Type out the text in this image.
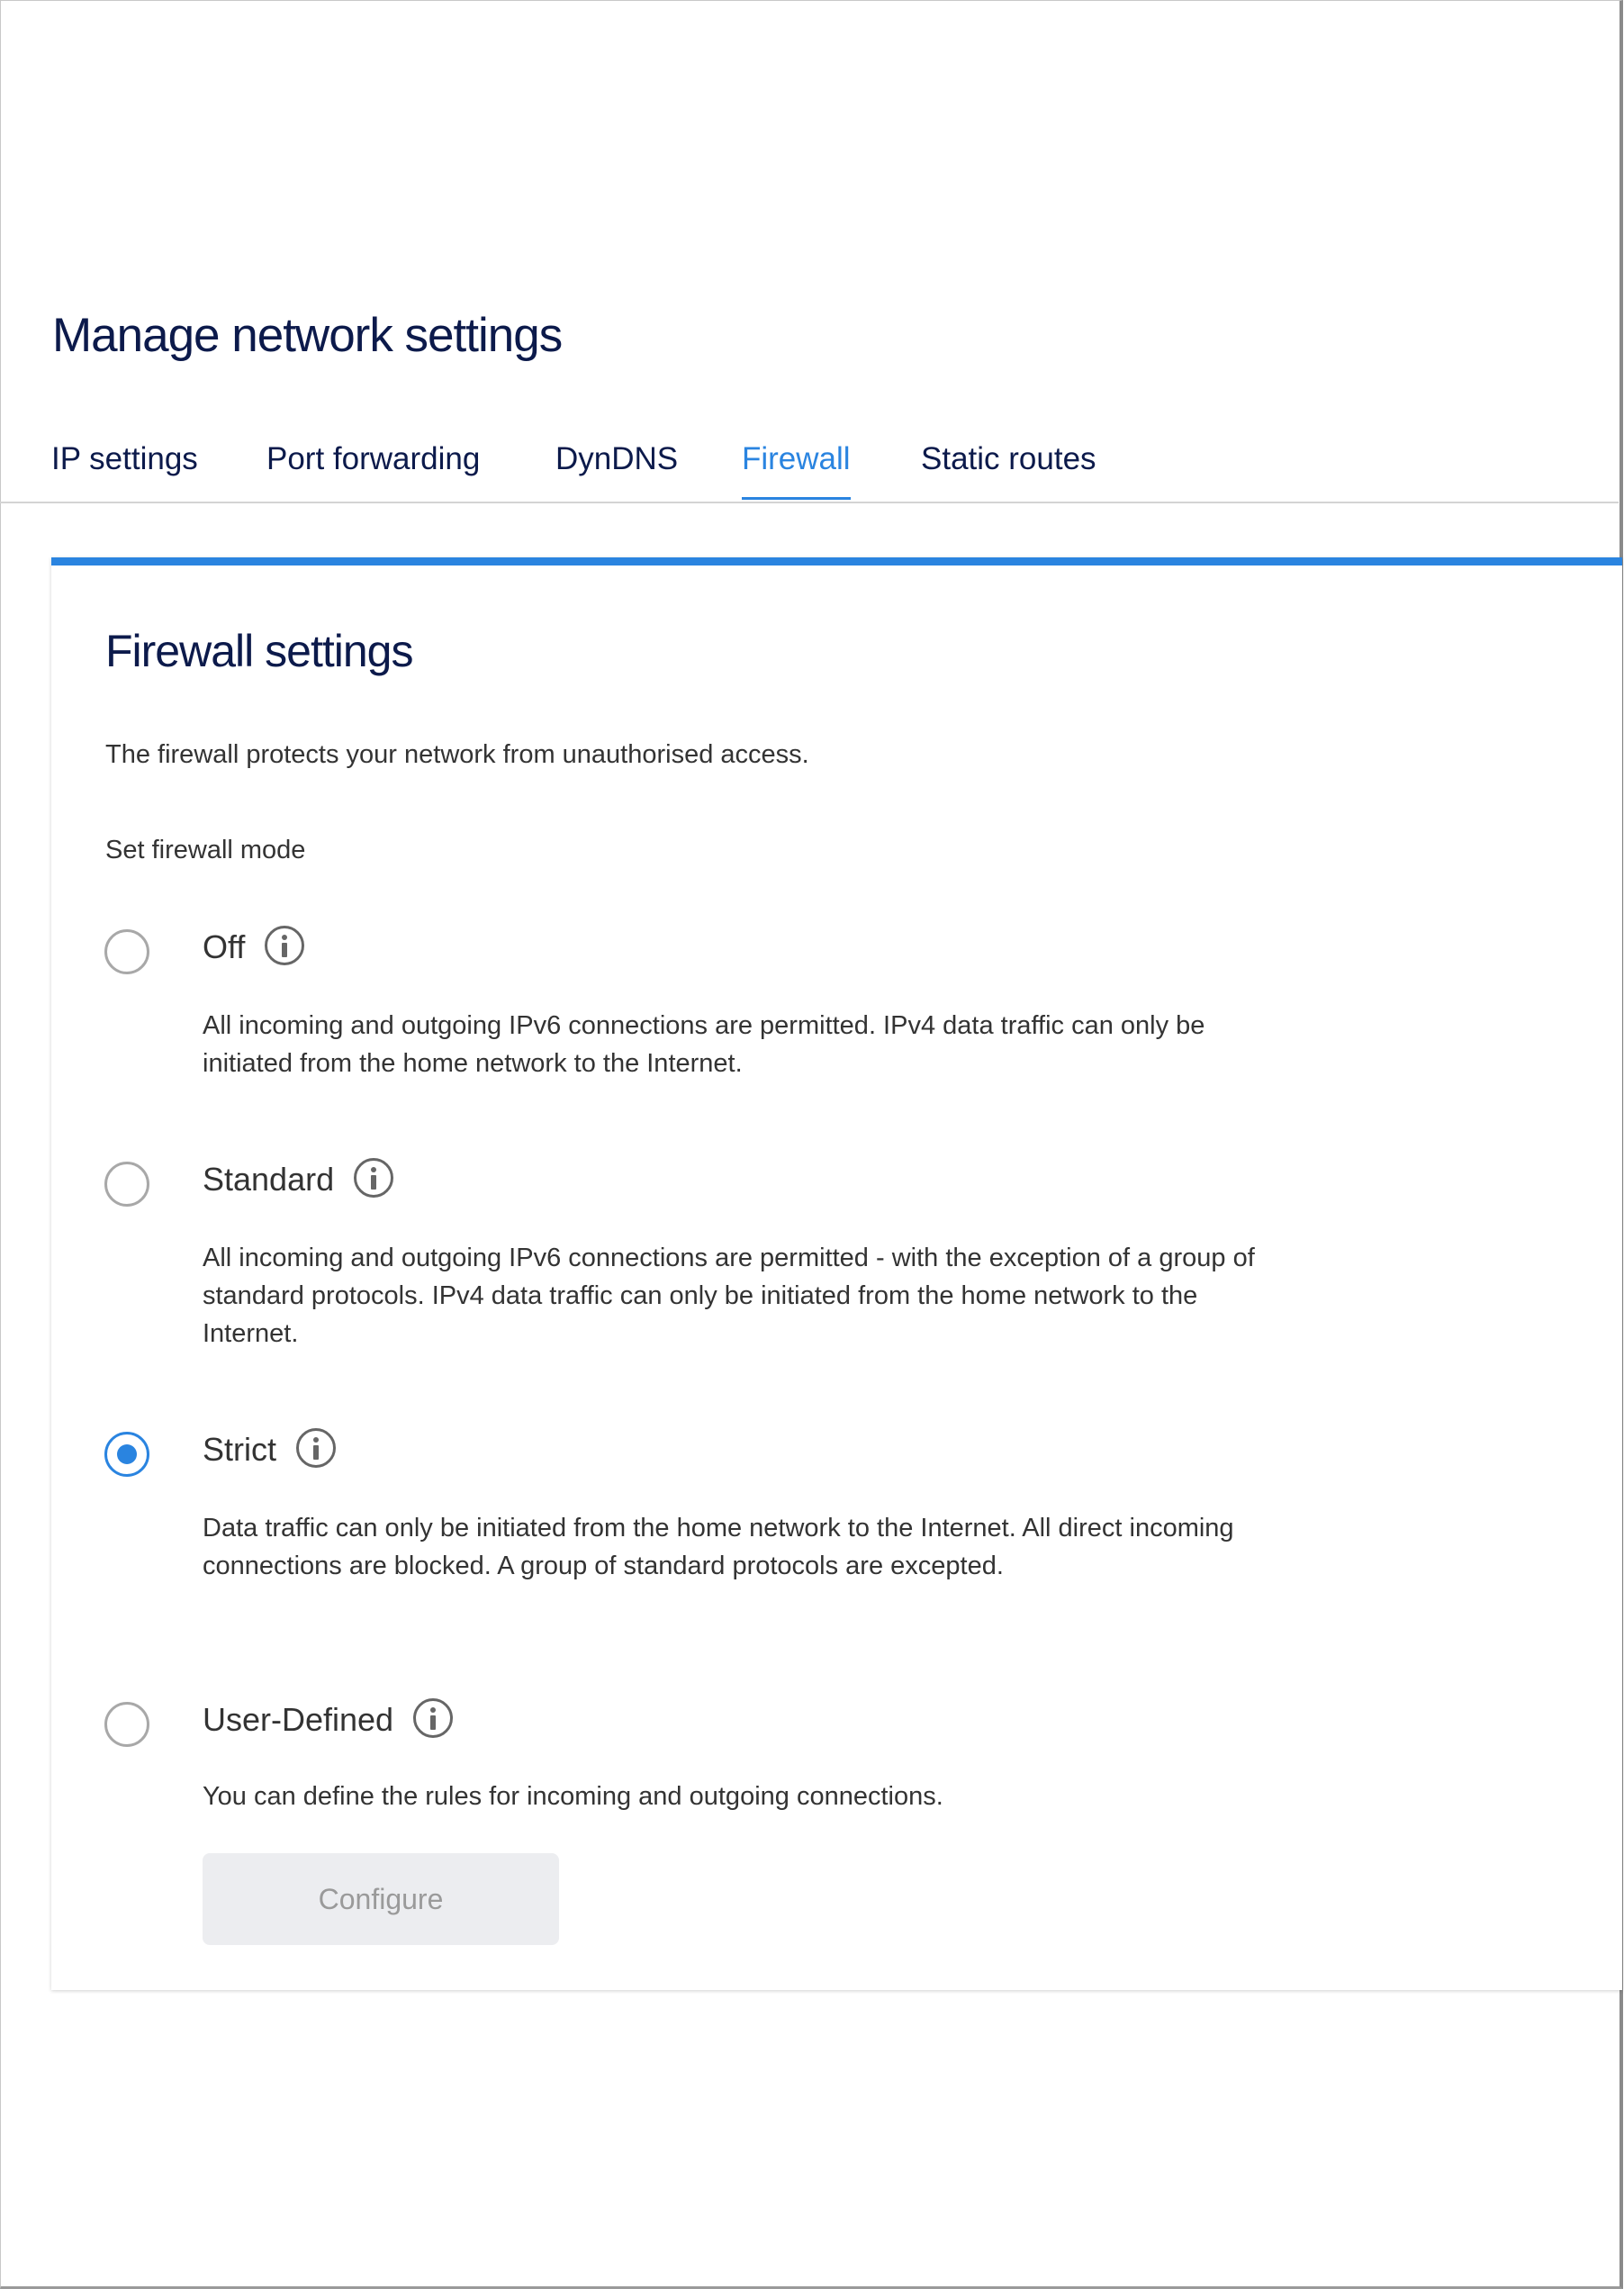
Manage network settings
IP settings Port forwarding DynDNS Firewall Static routes
Firewall settings
The firewall protects your network from unauthorised access.
Set firewall mode
Off
All incoming and outgoing IPv6 connections are permitted. IPv4 data traffic can only be initiated from the home network to the Internet.
Standard
All incoming and outgoing IPv6 connections are permitted - with the exception of a group of standard protocols. IPv4 data traffic can only be initiated from the home network to the Internet.
Strict
Data traffic can only be initiated from the home network to the Internet. All direct incoming connections are blocked. A group of standard protocols are excepted.
User-Defined
You can define the rules for incoming and outgoing connections.
Configure
